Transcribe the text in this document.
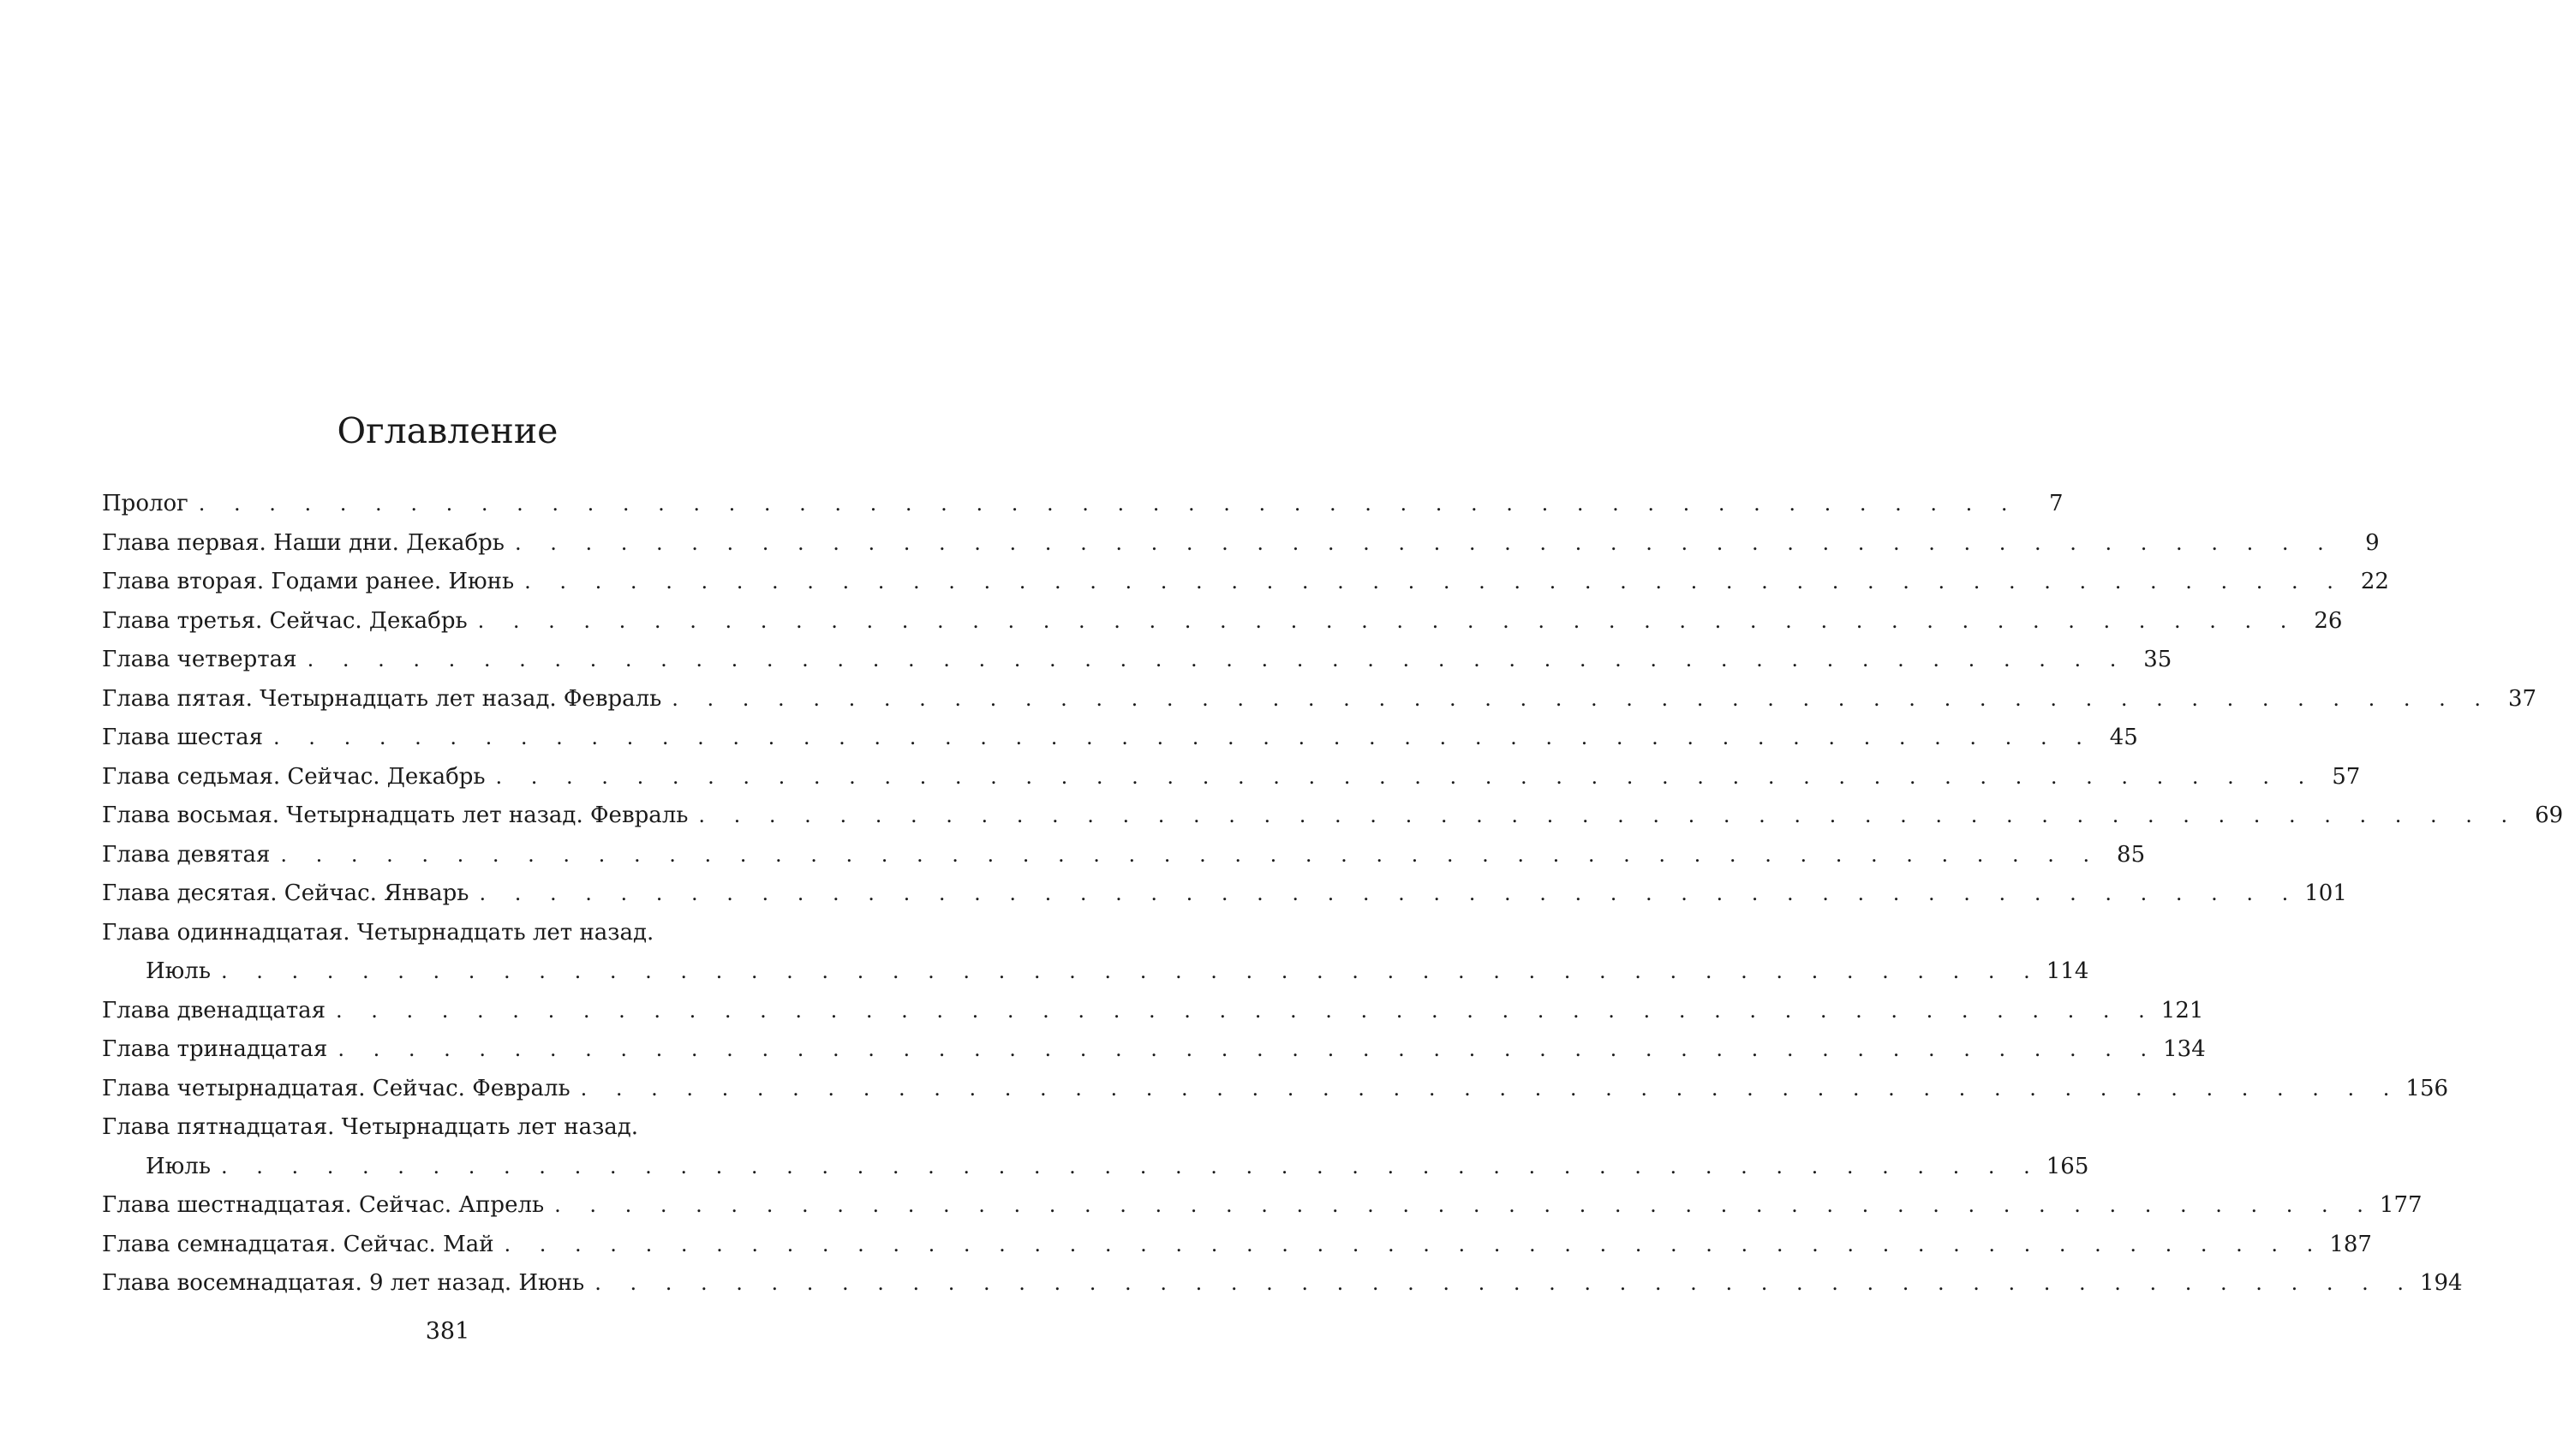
Оглавление
Пролог . . . . . . . . . . . . . . . . . . . . . . . . . . . . . . . . . . . . . . . . . . . . . . . . . . . .	7
Глава первая. Наши дни. Декабрь . . . . . . . . . . . . . . . . . . . . . . . . . . . . . . . . . . . . . . . . . . . . . . . . . . . .	9
Глава вторая. Годами ранее. Июнь . . . . . . . . . . . . . . . . . . . . . . . . . . . . . . . . . . . . . . . . . . . . . . . . . . . . 22
Глава третья. Сейчас. Декабрь . . . . . . . . . . . . . . . . . . . . . . . . . . . . . . . . . . . . . . . . . . . . . . . . . . . . 26
Глава четвертая . . . . . . . . . . . . . . . . . . . . . . . . . . . . . . . . . . . . . . . . . . . . . . . . . . . . 35
Глава пятая. Четырнадцать лет назад. Февраль . . . . . . . . . . . . . . . . . . . . . . . . . . . . . . . . . . . . . . . . . . . . . . . . . . . . 37
Глава шестая . . . . . . . . . . . . . . . . . . . . . . . . . . . . . . . . . . . . . . . . . . . . . . . . . . . . 45
Глава седьмая. Сейчас. Декабрь . . . . . . . . . . . . . . . . . . . . . . . . . . . . . . . . . . . . . . . . . . . . . . . . . . . . 57
Глава восьмая. Четырнадцать лет назад. Февраль . . . . . . . . . . . . . . . . . . . . . . . . . . . . . . . . . . . . . . . . . . . . . . . . . . . . 69
Глава девятая . . . . . . . . . . . . . . . . . . . . . . . . . . . . . . . . . . . . . . . . . . . . . . . . . . . . 85
Глава десятая. Сейчас. Январь . . . . . . . . . . . . . . . . . . . . . . . . . . . . . . . . . . . . . . . . . . . . . . . . . . . . 101
Глава одиннадцатая. Четырнадцать лет назад.
Июль . . . . . . . . . . . . . . . . . . . . . . . . . . . . . . . . . . . . . . . . . . . . . . . . . . . . 114
Глава двенадцатая . . . . . . . . . . . . . . . . . . . . . . . . . . . . . . . . . . . . . . . . . . . . . . . . . . . . 121
Глава тринадцатая . . . . . . . . . . . . . . . . . . . . . . . . . . . . . . . . . . . . . . . . . . . . . . . . . . . . 134
Глава четырнадцатая. Сейчас. Февраль . . . . . . . . . . . . . . . . . . . . . . . . . . . . . . . . . . . . . . . . . . . . . . . . . . . . 156
Глава пятнадцатая. Четырнадцать лет назад.
Июль . . . . . . . . . . . . . . . . . . . . . . . . . . . . . . . . . . . . . . . . . . . . . . . . . . . . 165
Глава шестнадцатая. Сейчас. Апрель . . . . . . . . . . . . . . . . . . . . . . . . . . . . . . . . . . . . . . . . . . . . . . . . . . . . 177
Глава семнадцатая. Сейчас. Май . . . . . . . . . . . . . . . . . . . . . . . . . . . . . . . . . . . . . . . . . . . . . . . . . . . . 187
Глава восемнадцатая. 9 лет назад. Июнь . . . . . . . . . . . . . . . . . . . . . . . . . . . . . . . . . . . . . . . . . . . . . . . . . . . . 194
381
